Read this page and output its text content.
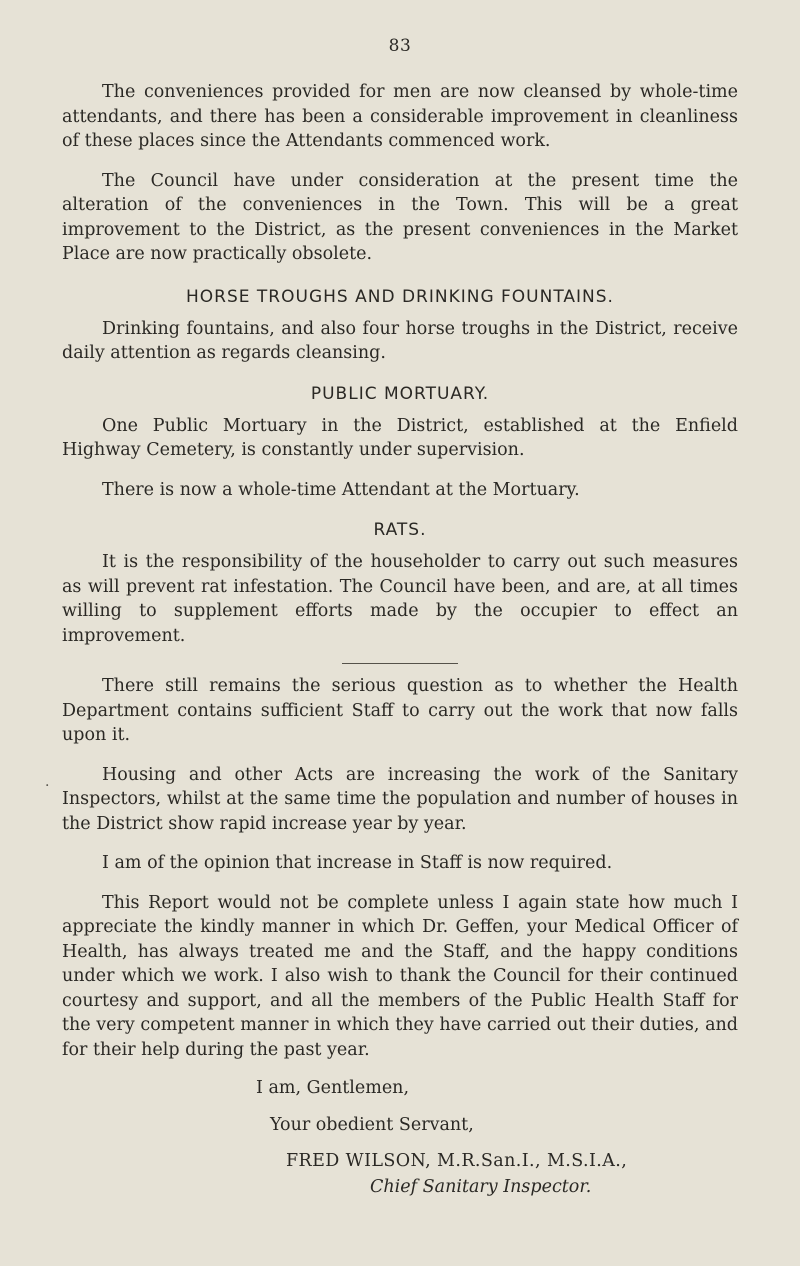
83

The conveniences provided for men are now cleansed by whole-time attendants, and there has been a considerable improvement in cleanliness of these places since the Attendants commenced work.

The Council have under consideration at the present time the alteration of the conveniences in the Town. This will be a great improvement to the District, as the present conveniences in the Market Place are now practically obsolete.

HORSE TROUGHS AND DRINKING FOUNTAINS.

Drinking fountains, and also four horse troughs in the District, receive daily attention as regards cleansing.

PUBLIC MORTUARY.

One Public Mortuary in the District, established at the Enfield Highway Cemetery, is constantly under supervision.

There is now a whole-time Attendant at the Mortuary.

RATS.

It is the responsibility of the householder to carry out such measures as will prevent rat infestation. The Council have been, and are, at all times willing to supplement efforts made by the occupier to effect an improvement.

There still remains the serious question as to whether the Health Department contains sufficient Staff to carry out the work that now falls upon it.

Housing and other Acts are increasing the work of the Sanitary Inspectors, whilst at the same time the population and number of houses in the District show rapid increase year by year.

I am of the opinion that increase in Staff is now required.

This Report would not be complete unless I again state how much I appreciate the kindly manner in which Dr. Geffen, your Medical Officer of Health, has always treated me and the Staff, and the happy conditions under which we work. I also wish to thank the Council for their continued courtesy and support, and all the members of the Public Health Staff for the very competent manner in which they have carried out their duties, and for their help during the past year.

I am, Gentlemen,
Your obedient Servant,
FRED WILSON, M.R.San.I., M.S.I.A.,
Chief Sanitary Inspector.
·
